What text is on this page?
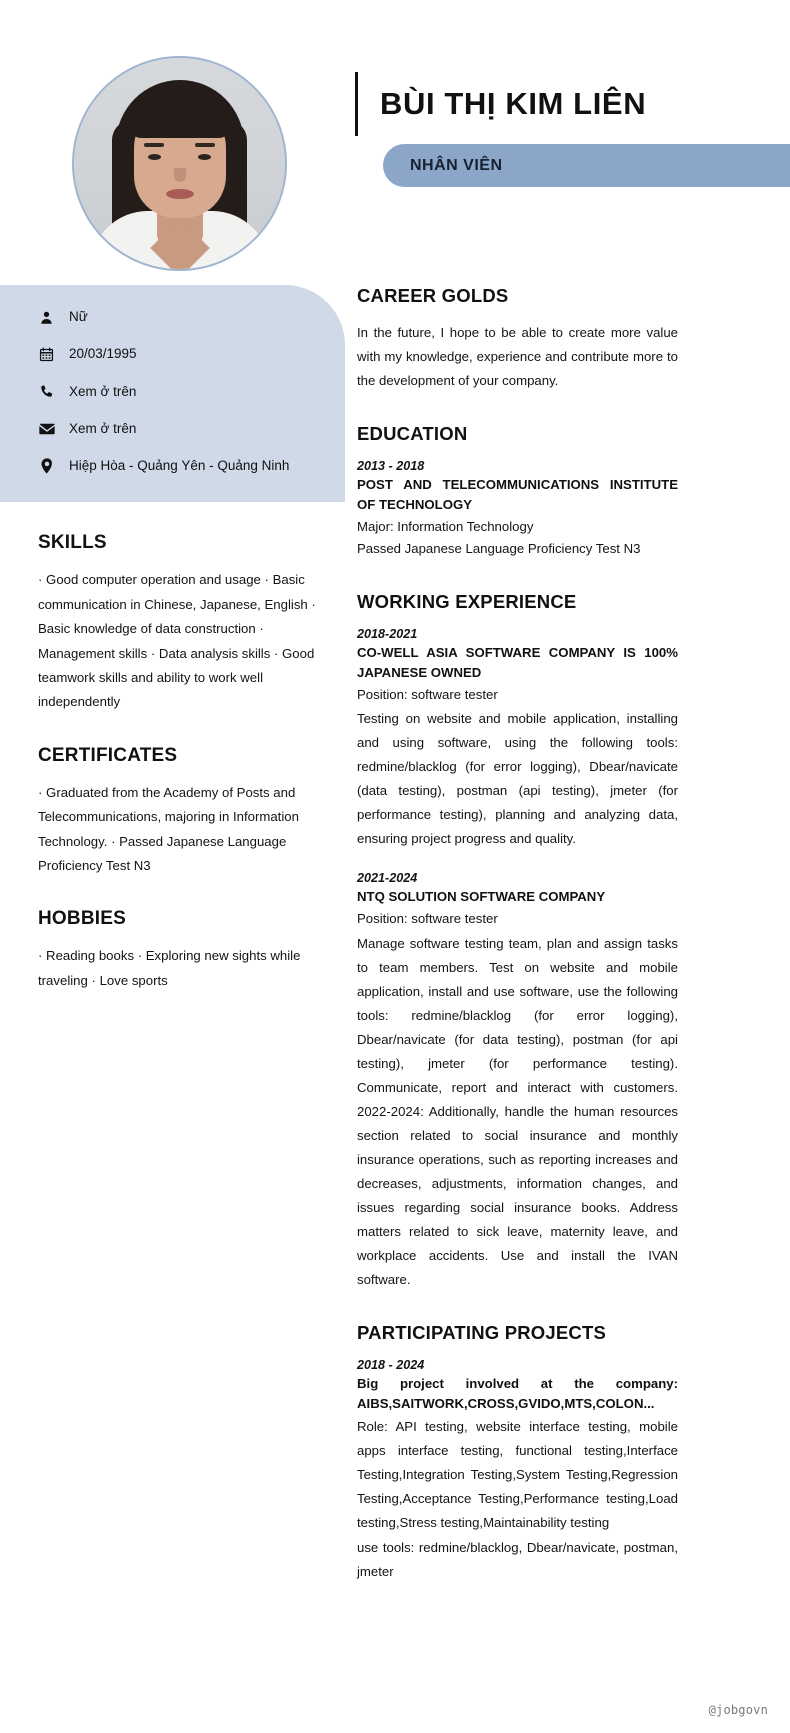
BÙI THỊ KIM LIÊN
NHÂN VIÊN
Nữ
20/03/1995
Xem ở trên
Xem ở trên
Hiệp Hòa - Quảng Yên - Quảng Ninh
SKILLS
· Good computer operation and usage · Basic communication in Chinese, Japanese, English · Basic knowledge of data construction · Management skills · Data analysis skills · Good teamwork skills and ability to work well independently
CERTIFICATES
· Graduated from the Academy of Posts and Telecommunications, majoring in Information Technology. · Passed Japanese Language Proficiency Test N3
HOBBIES
· Reading books · Exploring new sights while traveling · Love sports
CAREER GOLDS
In the future, I hope to be able to create more value with my knowledge, experience and contribute more to the development of your company.
EDUCATION
2013 - 2018
POST AND TELECOMMUNICATIONS INSTITUTE OF TECHNOLOGY
Major: Information Technology
Passed Japanese Language Proficiency Test N3
WORKING EXPERIENCE
2018-2021
CO-WELL ASIA SOFTWARE COMPANY IS 100% JAPANESE OWNED
Position: software tester
Testing on website and mobile application, installing and using software, using the following tools: redmine/blacklog (for error logging), Dbear/navicate (data testing), postman (api testing), jmeter (for performance testing), planning and analyzing data, ensuring project progress and quality.
2021-2024
NTQ SOLUTION SOFTWARE COMPANY
Position: software tester
Manage software testing team, plan and assign tasks to team members. Test on website and mobile application, install and use software, use the following tools: redmine/blacklog (for error logging), Dbear/navicate (for data testing), postman (for api testing), jmeter (for performance testing). Communicate, report and interact with customers. 2022-2024: Additionally, handle the human resources section related to social insurance and monthly insurance operations, such as reporting increases and decreases, adjustments, information changes, and issues regarding social insurance books. Address matters related to sick leave, maternity leave, and workplace accidents. Use and install the IVAN software.
PARTICIPATING PROJECTS
2018 - 2024
Big project involved at the company: AIBS,SAITWORK,CROSS,GVIDO,MTS,COLON...
Role: API testing, website interface testing, mobile apps interface testing, functional testing,Interface Testing,Integration Testing,System Testing,Regression Testing,Acceptance Testing,Performance testing,Load testing,Stress testing,Maintainability testing
use tools: redmine/blacklog, Dbear/navicate, postman, jmeter
@jobgovn
